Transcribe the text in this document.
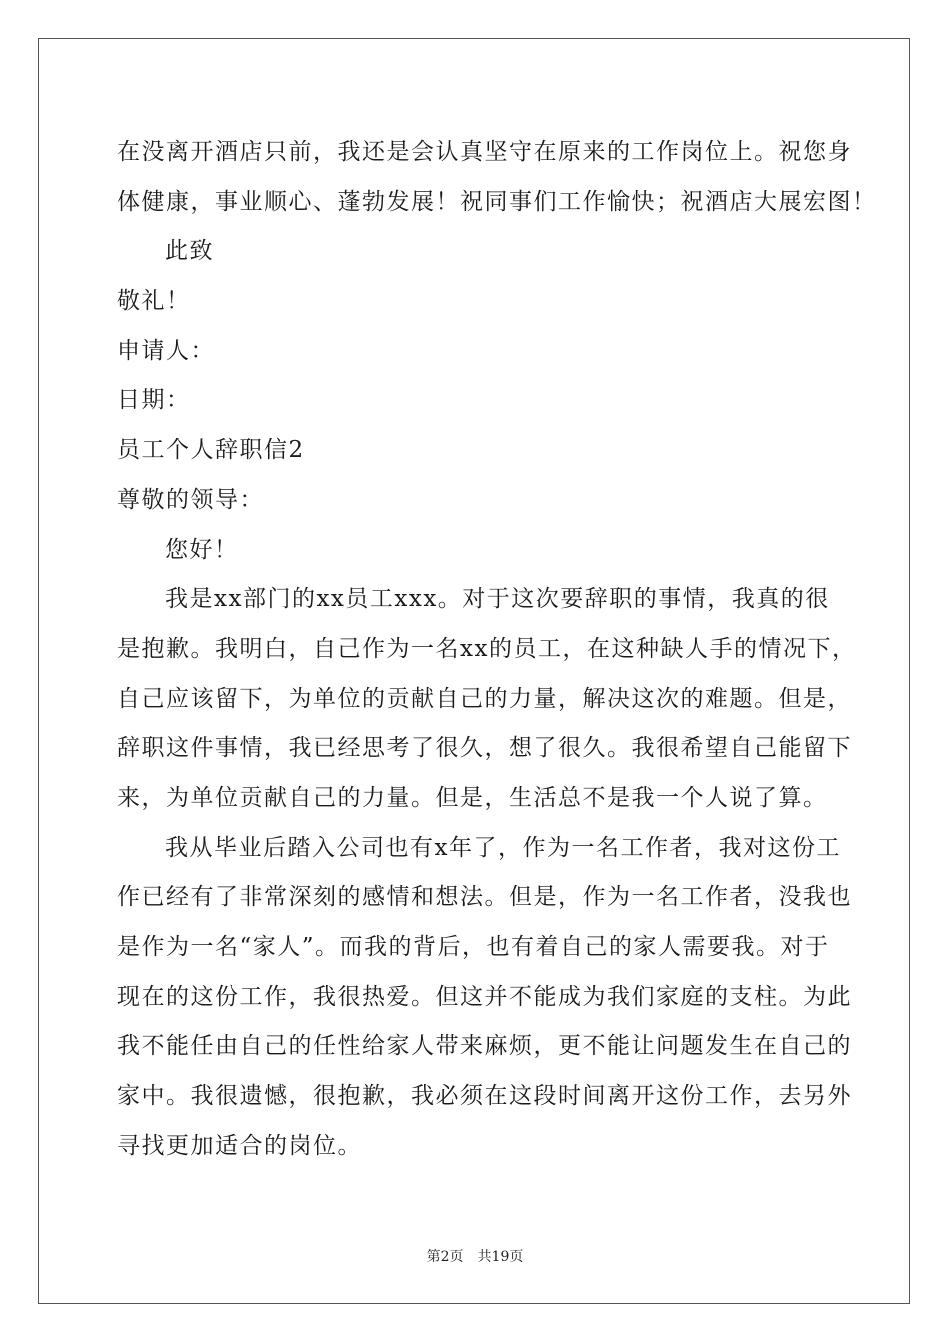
在没离开酒店只前，我还是会认真坚守在原来的工作岗位上。祝您身
体健康，事业顺心、蓬勃发展！祝同事们工作愉快；祝酒店大展宏图！
此致
敬礼！
申请人：
日期：
员工个人辞职信2
尊敬的领导：
您好！
我是xx部门的xx员工xxx。对于这次要辞职的事情，我真的很
是抱歉。我明白，自己作为一名xx的员工，在这种缺人手的情况下，
自己应该留下，为单位的贡献自己的力量，解决这次的难题。但是，
辞职这件事情，我已经思考了很久，想了很久。我很希望自己能留下
来，为单位贡献自己的力量。但是，生活总不是我一个人说了算。
我从毕业后踏入公司也有x年了，作为一名工作者，我对这份工
作已经有了非常深刻的感情和想法。但是，作为一名工作者，没我也
是作为一名“家人”。而我的背后，也有着自己的家人需要我。对于
现在的这份工作，我很热爱。但这并不能成为我们家庭的支柱。为此
我不能任由自己的任性给家人带来麻烦，更不能让问题发生在自己的
家中。我很遗憾，很抱歉，我必须在这段时间离开这份工作，去另外
寻找更加适合的岗位。
第2页　共19页
